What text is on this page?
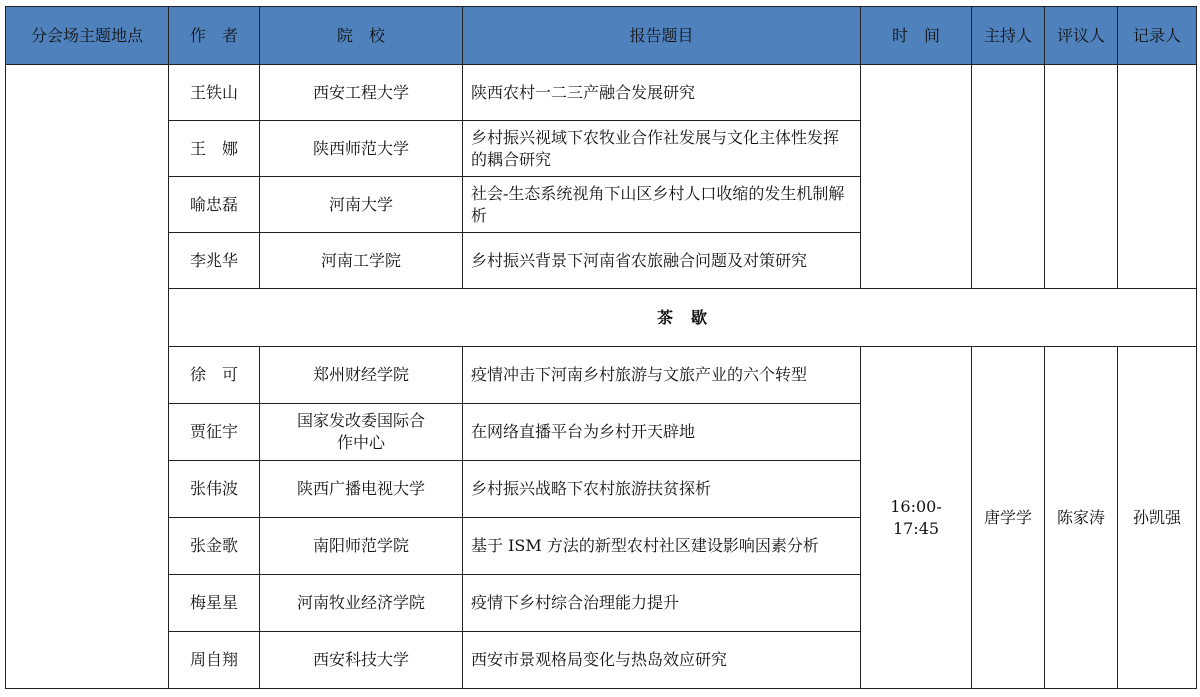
分会场主题地点	作　者	院　校	报告题目	时　间	主持人	评议人	记录人
	王铁山	西安工程大学	陕西农村一二三产融合发展研究				
	王　娜	陕西师范大学	乡村振兴视域下农牧业合作社发展与文化主体性发挥的耦合研究				
	喻忠磊	河南大学	社会-生态系统视角下山区乡村人口收缩的发生机制解析				
	李兆华	河南工学院	乡村振兴背景下河南省农旅融合问题及对策研究				
	茶　歇						
	徐　可	郑州财经学院	疫情冲击下河南乡村旅游与文旅产业的六个转型	16:00-17:45	唐学学	陈家涛	孙凯强
	贾征宇	国家发改委国际合作中心	在网络直播平台为乡村开天辟地				
	张伟波	陕西广播电视大学	乡村振兴战略下农村旅游扶贫探析				
	张金歌	南阳师范学院	基于 ISM 方法的新型农村社区建设影响因素分析				
	梅星星	河南牧业经济学院	疫情下乡村综合治理能力提升				
	周自翔	西安科技大学	西安市景观格局变化与热岛效应研究				
